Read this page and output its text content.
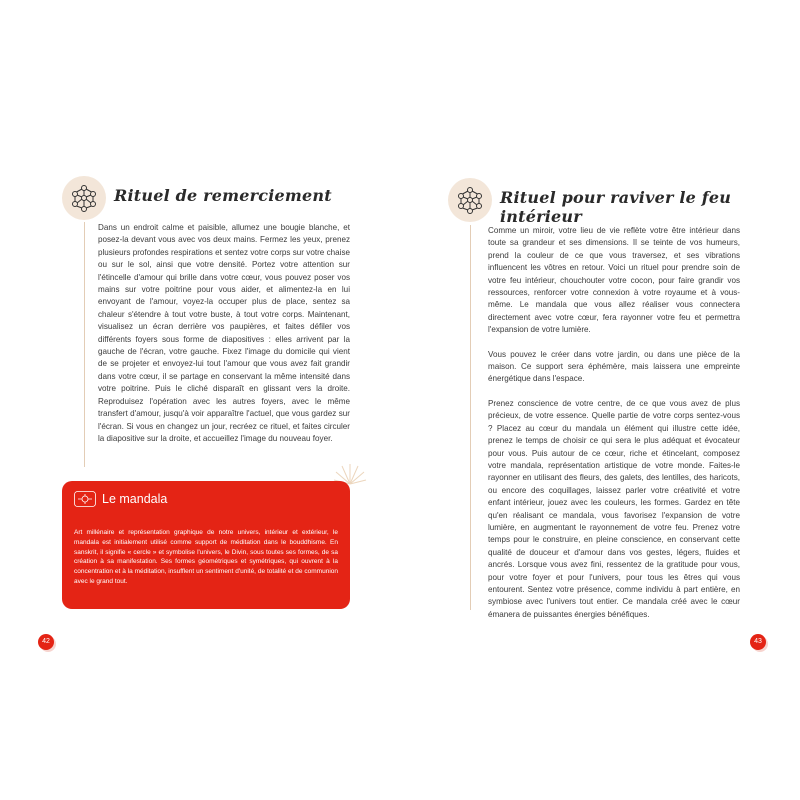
Rituel de remerciement
Dans un endroit calme et paisible, allumez une bougie blanche, et posez-la devant vous avec vos deux mains. Fermez les yeux, prenez plusieurs profondes respirations et sentez votre corps sur votre chaise ou sur le sol, ainsi que votre densité. Portez votre attention sur l'étincelle d'amour qui brille dans votre cœur, vous pouvez poser vos mains sur votre poitrine pour vous aider, et alimentez-la en lui envoyant de l'amour, voyez-la occuper plus de place, sentez sa chaleur s'étendre à tout votre buste, à tout votre corps. Maintenant, visualisez un écran derrière vos paupières, et faites défiler vos différents foyers sous forme de diapositives : elles arrivent par la gauche de l'écran, votre gauche. Fixez l'image du domicile qui vient de se projeter et envoyez-lui tout l'amour que vous avez fait grandir dans votre cœur, il se partage en conservant la même intensité dans votre poitrine. Puis le cliché disparaît en glissant vers la droite. Reproduisez l'opération avec les autres foyers, avec le même transfert d'amour, jusqu'à voir apparaître l'actuel, que vous gardez sur l'écran. Si vous en changez un jour, recréez ce rituel, et faites circuler la diapositive sur la droite, et accueillez l'image du nouveau foyer.
Le mandala
Art millénaire et représentation graphique de notre univers, intérieur et extérieur, le mandala est initialement utilisé comme support de méditation dans le bouddhisme. En sanskrit, il signifie « cercle » et symbolise l'univers, le Divin, sous toutes ses formes, de sa création à sa manifestation. Ses formes géométriques et symétriques, qui ouvrent à la concentration et à la méditation, insufflent un sentiment d'unité, de totalité et de communion avec le grand tout.
42
Rituel pour raviver le feu intérieur

Comme un miroir, votre lieu de vie reflète votre être intérieur dans toute sa grandeur et ses dimensions. Il se teinte de vos humeurs, prend la couleur de ce que vous traversez, et ses vibrations influencent les vôtres en retour. Voici un rituel pour prendre soin de votre feu intérieur, chouchouter votre cocon, pour faire grandir vos ressources, renforcer votre connexion à votre royaume et à vous-même. Le mandala que vous allez réaliser vous connectera directement avec votre cœur, fera rayonner votre feu et permettra l'expansion de votre lumière.

Vous pouvez le créer dans votre jardin, ou dans une pièce de la maison. Ce support sera éphémère, mais laissera une empreinte énergétique dans l'espace.

Prenez conscience de votre centre, de ce que vous avez de plus précieux, de votre essence. Quelle partie de votre corps sentez-vous ? Placez au cœur du mandala un élément qui illustre cette idée, prenez le temps de choisir ce qui sera le plus adéquat et évocateur pour vous. Puis autour de ce cœur, riche et étincelant, composez votre mandala, représentation artistique de votre monde. Faites-le rayonner en utilisant des fleurs, des galets, des lentilles, des haricots, ou encore des coquillages, laissez parler votre créativité et votre enfant intérieur, jouez avec les couleurs, les formes. Gardez en tête qu'en réalisant ce mandala, vous favorisez l'expansion de votre lumière, en augmentant le rayonnement de votre feu. Prenez votre temps pour le construire, en pleine conscience, en conservant cette qualité de douceur et d'amour dans vos gestes, légers, fluides et ancrés. Lorsque vous avez fini, ressentez de la gratitude pour vous, pour votre foyer et pour l'univers, pour tous les êtres qui vous entourent. Sentez votre présence, comme individu à part entière, en symbiose avec l'univers tout entier. Ce mandala créé avec le cœur émanera de puissantes énergies bénéfiques.

43
